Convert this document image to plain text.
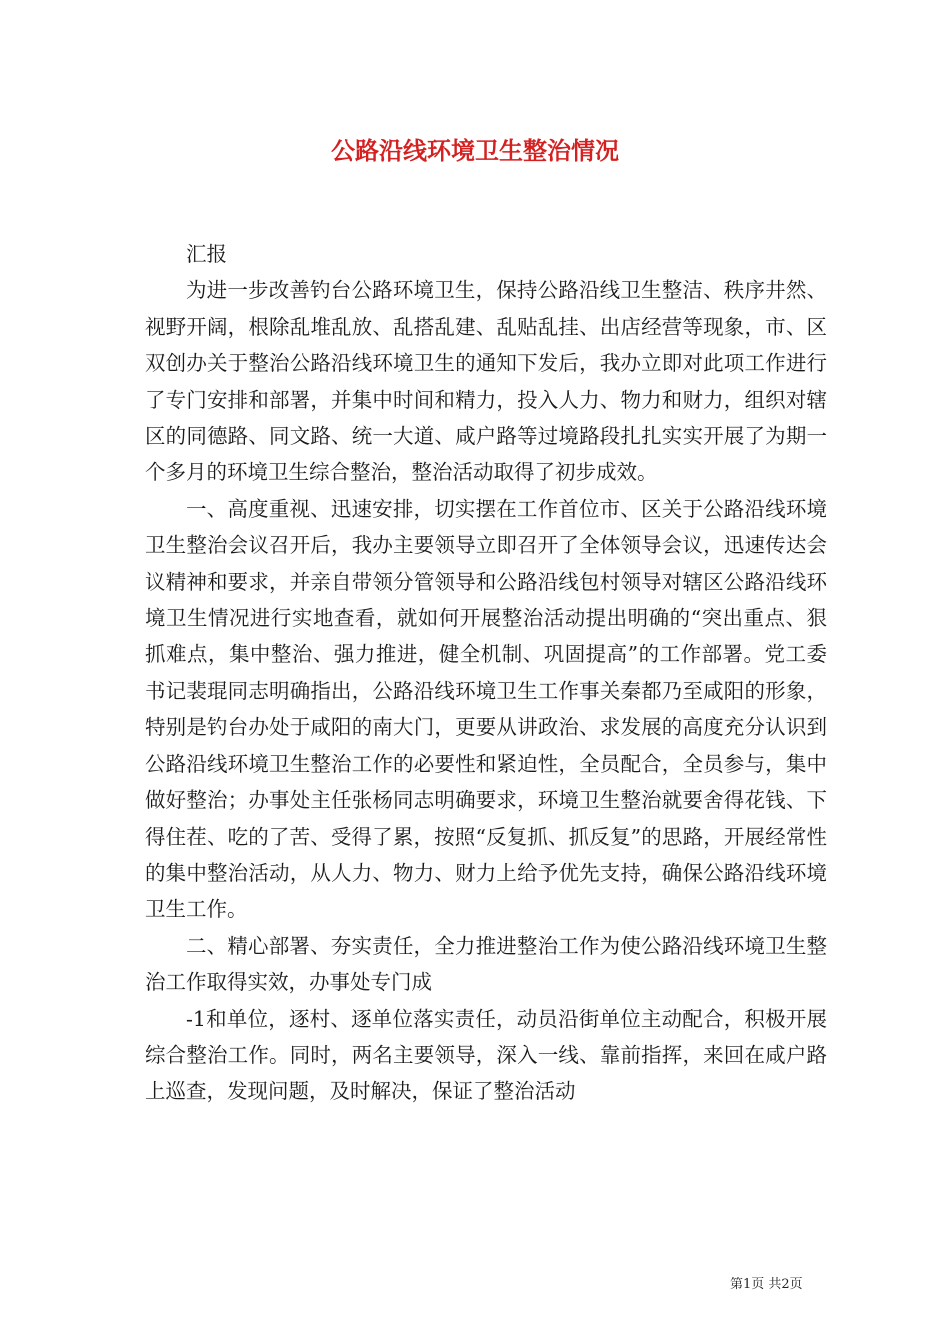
公路沿线环境卫生整治情况

汇报

为进一步改善钓台公路环境卫生，保持公路沿线卫生整洁、秩序井然、视野开阔，根除乱堆乱放、乱搭乱建、乱贴乱挂、出店经营等现象，市、区双创办关于整治公路沿线环境卫生的通知下发后，我办立即对此项工作进行了专门安排和部署，并集中时间和精力，投入人力、物力和财力，组织对辖区的同德路、同文路、统一大道、咸户路等过境路段扎扎实实开展了为期一个多月的环境卫生综合整治，整治活动取得了初步成效。

一、高度重视、迅速安排，切实摆在工作首位市、区关于公路沿线环境卫生整治会议召开后，我办主要领导立即召开了全体领导会议，迅速传达会议精神和要求，并亲自带领分管领导和公路沿线包村领导对辖区公路沿线环境卫生情况进行实地查看，就如何开展整治活动提出明确的“突出重点、狠抓难点，集中整治、强力推进，健全机制、巩固提高”的工作部署。党工委书记裴琨同志明确指出，公路沿线环境卫生工作事关秦都乃至咸阳的形象，特别是钓台办处于咸阳的南大门，更要从讲政治、求发展的高度充分认识到公路沿线环境卫生整治工作的必要性和紧迫性，全员配合，全员参与，集中做好整治；办事处主任张杨同志明确要求，环境卫生整治就要舍得花钱、下得住茬、吃的了苦、受得了累，按照“反复抓、抓反复”的思路，开展经常性的集中整治活动，从人力、物力、财力上给予优先支持，确保公路沿线环境卫生工作。

二、精心部署、夯实责任，全力推进整治工作为使公路沿线环境卫生整治工作取得实效，办事处专门成

-1和单位，逐村、逐单位落实责任，动员沿街单位主动配合，积极开展综合整治工作。同时，两名主要领导，深入一线、靠前指挥，来回在咸户路上巡查，发现问题，及时解决，保证了整治活动

第1页 共2页
